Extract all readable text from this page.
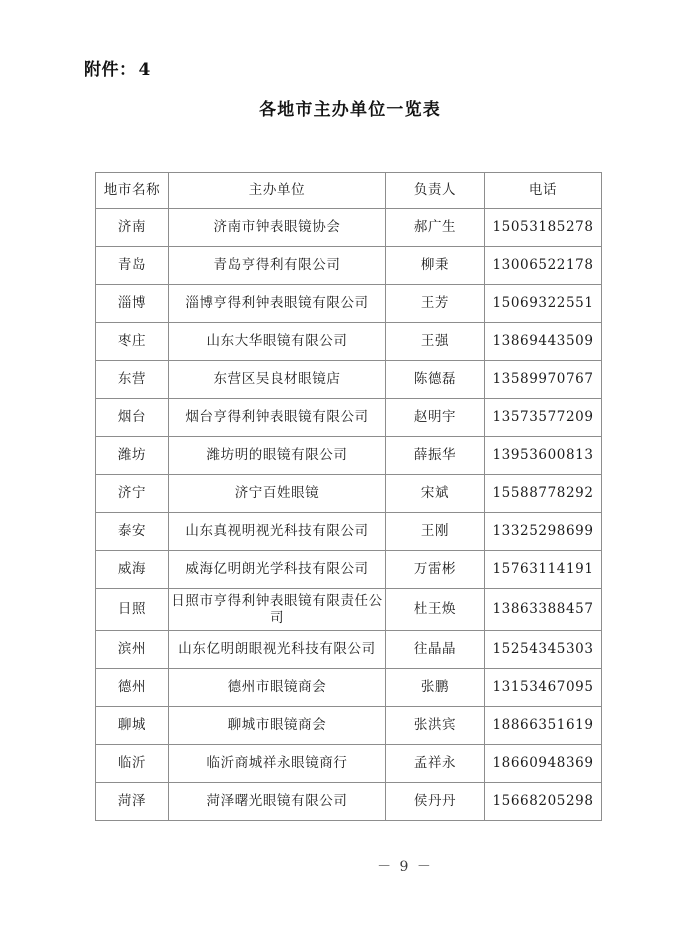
附件： 4
各地市主办单位一览表
地市名称	主办单位	负责人	电话
济南	济南市钟表眼镜协会	郝广生	15053185278
青岛	青岛亨得利有限公司	柳秉	13006522178
淄博	淄博亨得利钟表眼镜有限公司	王芳	15069322551
枣庄	山东大华眼镜有限公司	王强	13869443509
东营	东营区吴良材眼镜店	陈德磊	13589970767
烟台	烟台亨得利钟表眼镜有限公司	赵明宇	13573577209
潍坊	潍坊明的眼镜有限公司	薛振华	13953600813
济宁	济宁百姓眼镜	宋斌	15588778292
泰安	山东真视明视光科技有限公司	王刚	13325298699
威海	威海亿明朗光学科技有限公司	万雷彬	15763114191
日照	日照市亨得利钟表眼镜有限责任公司	杜王焕	13863388457
滨州	山东亿明朗眼视光科技有限公司	往晶晶	15254345303
德州	德州市眼镜商会	张鹏	13153467095
聊城	聊城市眼镜商会	张洪宾	18866351619
临沂	临沂商城祥永眼镜商行	孟祥永	18660948369
菏泽	菏泽曙光眼镜有限公司	侯丹丹	15668205298
－ 9 －
